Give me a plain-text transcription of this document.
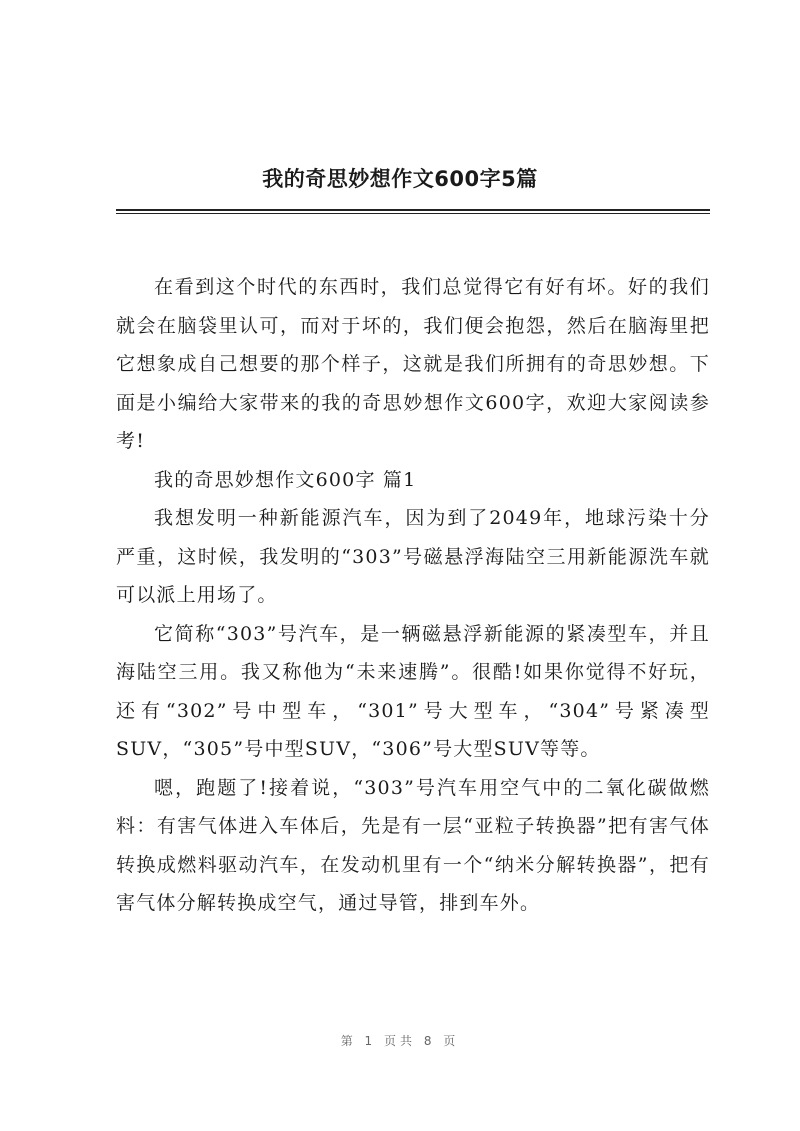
我的奇思妙想作文600字5篇

在看到这个时代的东西时，我们总觉得它有好有坏。好的我们就会在脑袋里认可，而对于坏的，我们便会抱怨，然后在脑海里把它想象成自己想要的那个样子，这就是我们所拥有的奇思妙想。下面是小编给大家带来的我的奇思妙想作文600字，欢迎大家阅读参考!

我的奇思妙想作文600字 篇1

我想发明一种新能源汽车，因为到了2049年，地球污染十分严重，这时候，我发明的“303”号磁悬浮海陆空三用新能源洗车就可以派上用场了。

它简称“303”号汽车，是一辆磁悬浮新能源的紧凑型车，并且海陆空三用。我又称他为“未来速腾”。很酷!如果你觉得不好玩，还有“302”号中型车，“301”号大型车，“304”号紧凑型SUV，“305”号中型SUV，“306”号大型SUV等等。

嗯，跑题了!接着说，“303”号汽车用空气中的二氧化碳做燃料：有害气体进入车体后，先是有一层“亚粒子转换器”把有害气体转换成燃料驱动汽车，在发动机里有一个“纳米分解转换器”，把有害气体分解转换成空气，通过导管，排到车外。

第 1 页共 8 页
